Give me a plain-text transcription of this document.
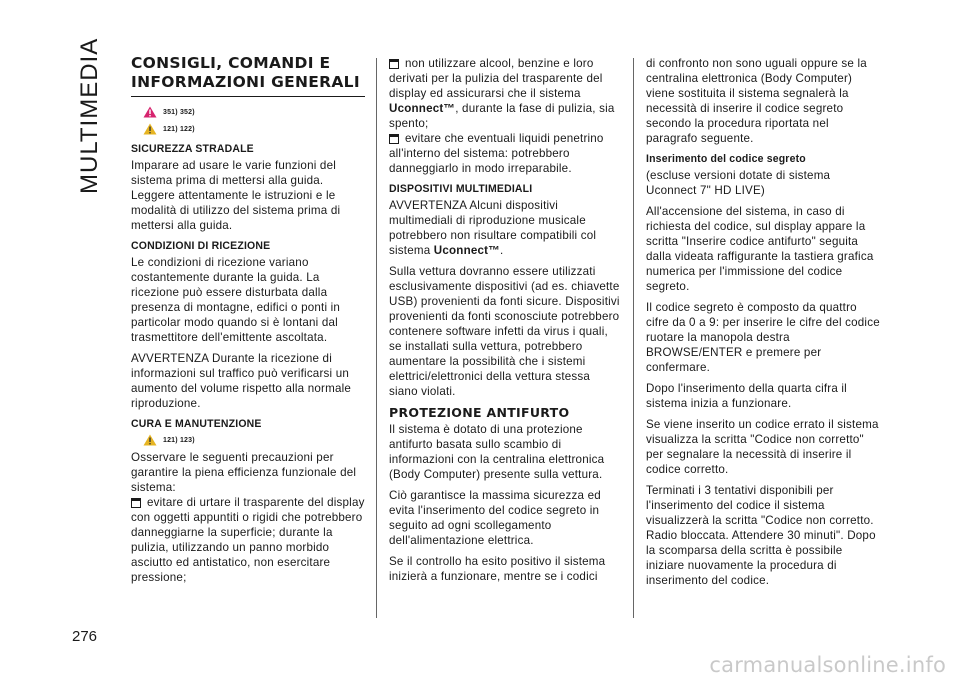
MULTIMEDIA CONSIGLI, COMANDI E INFORMAZIONI GENERALI
351) 352)
121) 122)
SICUREZZA STRADALE

Imparare ad usare le varie funzioni del sistema prima di mettersi alla guida. Leggere attentamente le istruzioni e le modalità di utilizzo del sistema prima di mettersi alla guida.

CONDIZIONI DI RICEZIONE

Le condizioni di ricezione variano costantemente durante la guida. La ricezione può essere disturbata dalla presenza di montagne, edifici o ponti in particolar modo quando si è lontani dal trasmettitore dell'emittente ascoltata.

AVVERTENZA Durante la ricezione di informazioni sul traffico può verificarsi un aumento del volume rispetto alla normale riproduzione.

CURA E MANUTENZIONE
121) 123)

Osservare le seguenti precauzioni per garantire la piena efficienza funzionale del sistema:

evitare di urtare il trasparente del display con oggetti appuntiti o rigidi che potrebbero danneggiarne la superficie; durante la pulizia, utilizzando un panno morbido asciutto ed antistatico, non esercitare pressione;

non utilizzare alcool, benzine e loro derivati per la pulizia del trasparente del display ed assicurarsi che il sistema Uconnect™, durante la fase di pulizia, sia spento;

evitare che eventuali liquidi penetrino all'interno del sistema: potrebbero danneggiarlo in modo irreparabile.

DISPOSITIVI MULTIMEDIALI

AVVERTENZA Alcuni dispositivi multimediali di riproduzione musicale potrebbero non risultare compatibili col sistema Uconnect™.

Sulla vettura dovranno essere utilizzati esclusivamente dispositivi (ad es. chiavette USB) provenienti da fonti sicure. Dispositivi provenienti da fonti sconosciute potrebbero contenere software infetti da virus i quali, se installati sulla vettura, potrebbero aumentare la possibilità che i sistemi elettrici/elettronici della vettura stessa siano violati.

PROTEZIONE ANTIFURTO

Il sistema è dotato di una protezione antifurto basata sullo scambio di informazioni con la centralina elettronica (Body Computer) presente sulla vettura.

Ciò garantisce la massima sicurezza ed evita l'inserimento del codice segreto in seguito ad ogni scollegamento dell'alimentazione elettrica.

Se il controllo ha esito positivo il sistema inizierà a funzionare, mentre se i codici

di confronto non sono uguali oppure se la centralina elettronica (Body Computer) viene sostituita il sistema segnalerà la necessità di inserire il codice segreto secondo la procedura riportata nel paragrafo seguente.

Inserimento del codice segreto

(escluse versioni dotate di sistema Uconnect 7" HD LIVE)

All'accensione del sistema, in caso di richiesta del codice, sul display appare la scritta "Inserire codice antifurto" seguita dalla videata raffigurante la tastiera grafica numerica per l'immissione del codice segreto.

Il codice segreto è composto da quattro cifre da 0 a 9: per inserire le cifre del codice ruotare la manopola destra BROWSE/ENTER e premere per confermare.

Dopo l'inserimento della quarta cifra il sistema inizia a funzionare.

Se viene inserito un codice errato il sistema visualizza la scritta "Codice non corretto" per segnalare la necessità di inserire il codice corretto.

Terminati i 3 tentativi disponibili per l'inserimento del codice il sistema visualizzerà la scritta "Codice non corretto. Radio bloccata. Attendere 30 minuti". Dopo la scomparsa della scritta è possibile iniziare nuovamente la procedura di inserimento del codice.

276
carmanualsonline.info
